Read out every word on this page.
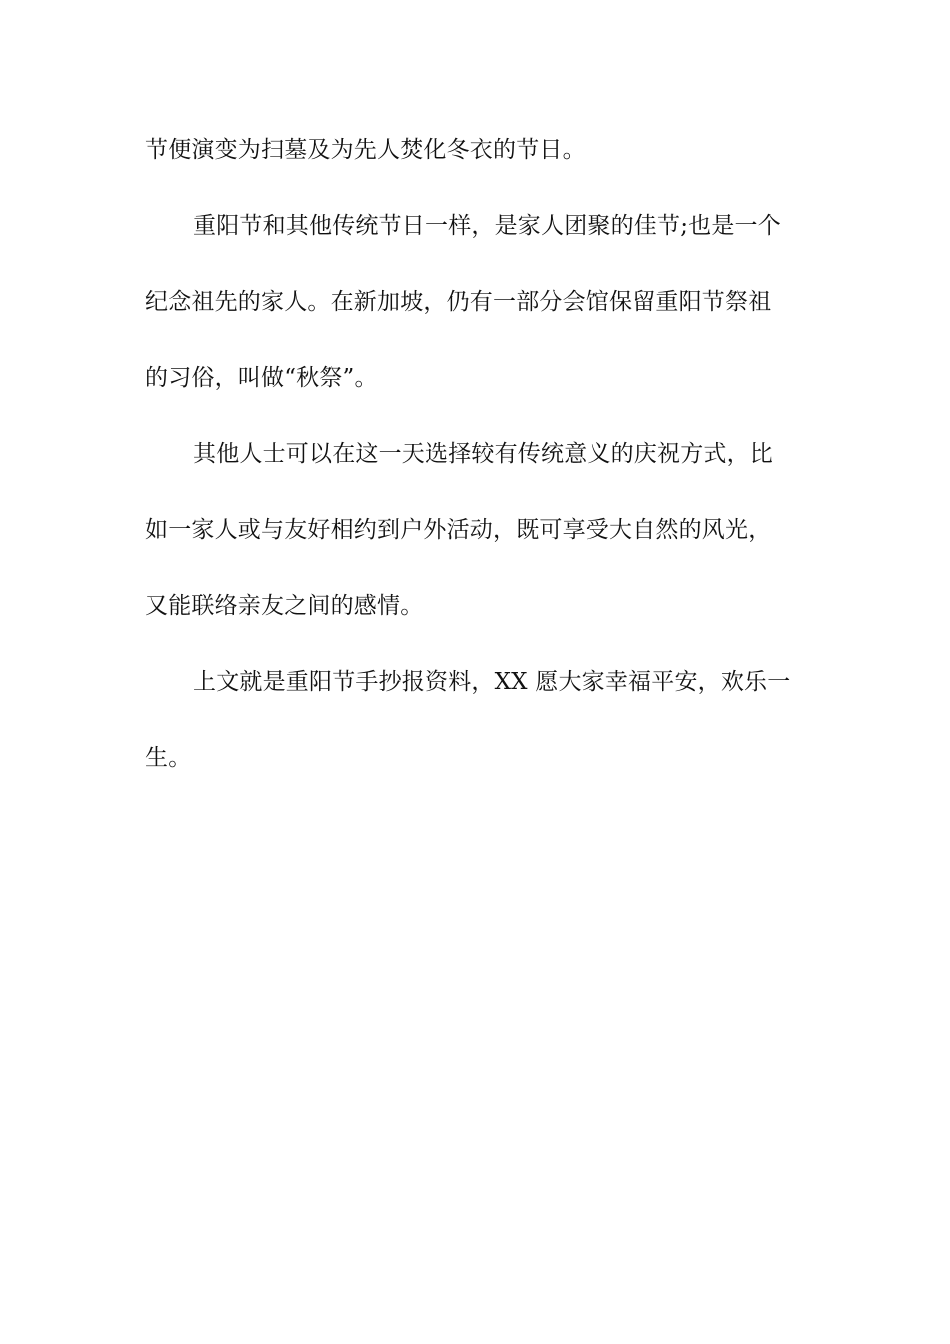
节便演变为扫墓及为先人焚化冬衣的节日。
重阳节和其他传统节日一样，是家人团聚的佳节;也是一个
纪念祖先的家人。在新加坡，仍有一部分会馆保留重阳节祭祖
的习俗，叫做“秋祭”。
其他人士可以在这一天选择较有传统意义的庆祝方式，比
如一家人或与友好相约到户外活动，既可享受大自然的风光，
又能联络亲友之间的感情。
上文就是重阳节手抄报资料，XX 愿大家幸福平安，欢乐一
生。
